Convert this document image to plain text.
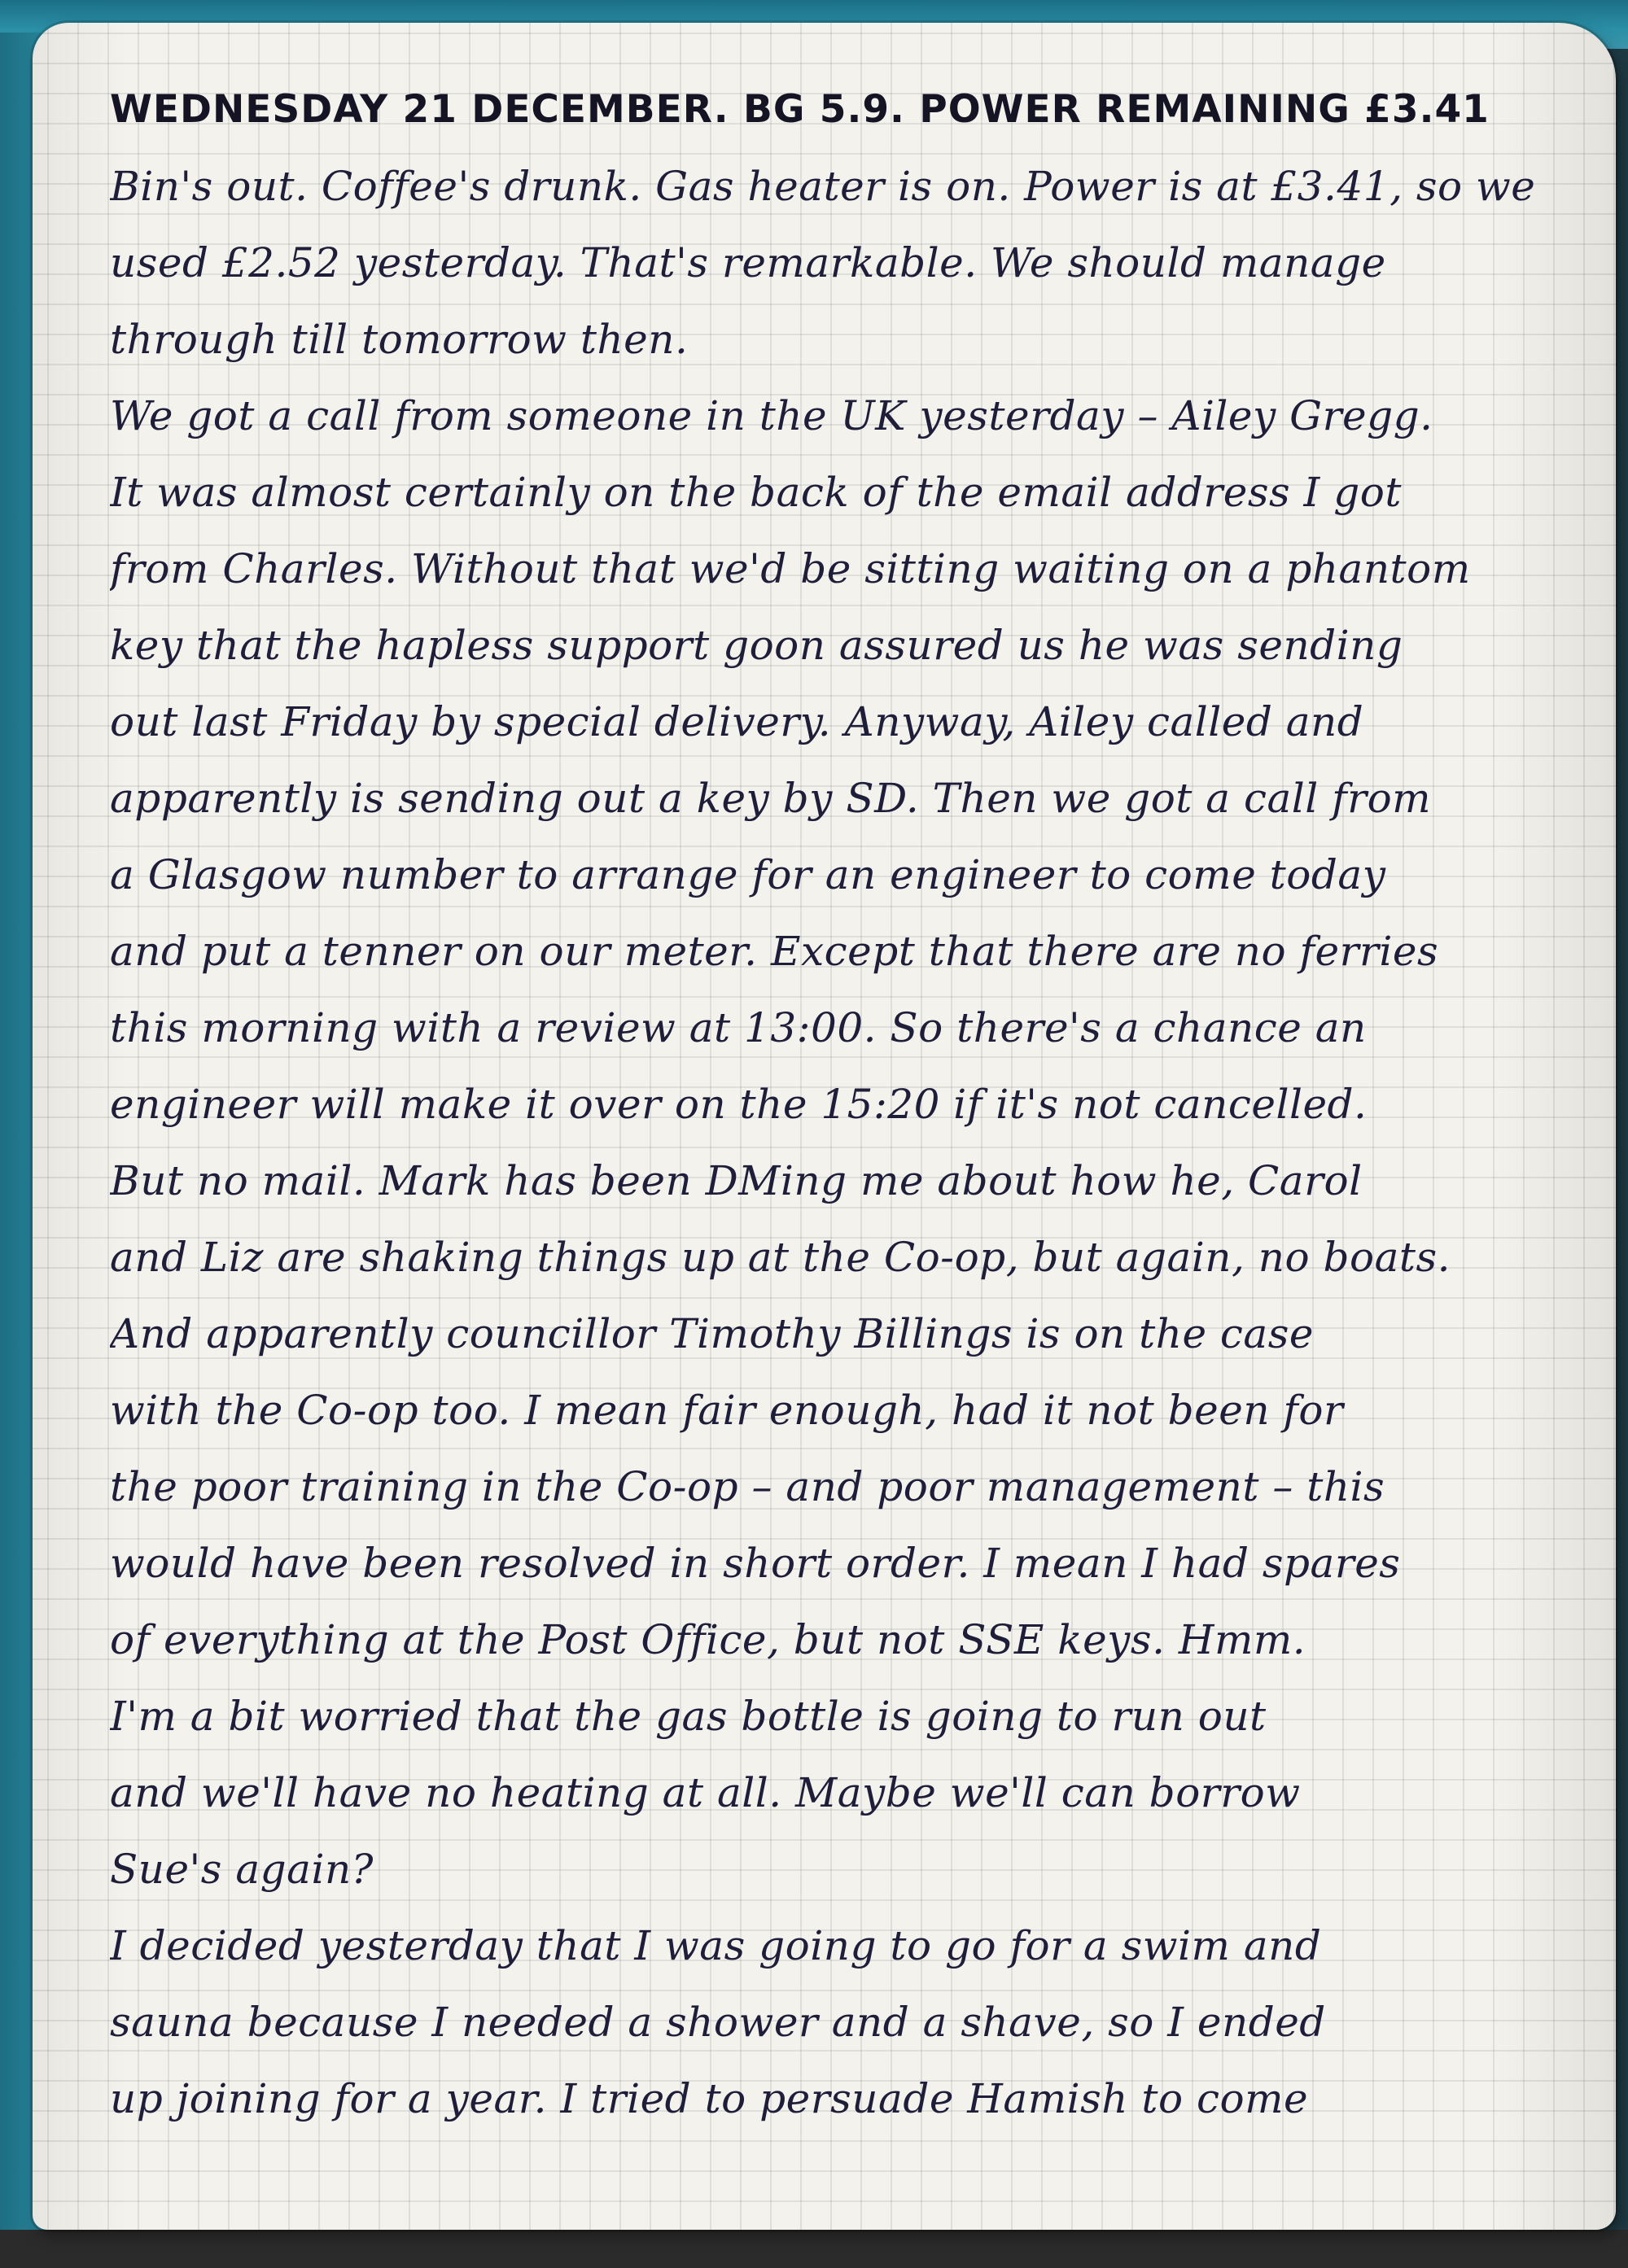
WEDNESDAY 21 DECEMBER. BG 5.9. POWER REMAINING £3.41
Bin's out. Coffee's drunk. Gas heater is on. Power is at £3.41, so we
used £2.52 yesterday. That's remarkable. We should manage
through till tomorrow then.
We got a call from someone in the UK yesterday – Ailey Gregg.
It was almost certainly on the back of the email address I got
from Charles. Without that we'd be sitting waiting on a phantom
key that the hapless support goon assured us he was sending
out last Friday by special delivery. Anyway, Ailey called and
apparently is sending out a key by SD. Then we got a call from
a Glasgow number to arrange for an engineer to come today
and put a tenner on our meter. Except that there are no ferries
this morning with a review at 13:00. So there's a chance an
engineer will make it over on the 15:20 if it's not cancelled.
But no mail. Mark has been DMing me about how he, Carol
and Liz are shaking things up at the Co-op, but again, no boats.
And apparently councillor Timothy Billings is on the case
with the Co-op too. I mean fair enough, had it not been for
the poor training in the Co-op – and poor management – this
would have been resolved in short order. I mean I had spares
of everything at the Post Office, but not SSE keys. Hmm.
I'm a bit worried that the gas bottle is going to run out
and we'll have no heating at all. Maybe we'll can borrow
Sue's again?
I decided yesterday that I was going to go for a swim and
sauna because I needed a shower and a shave, so I ended
up joining for a year. I tried to persuade Hamish to come
